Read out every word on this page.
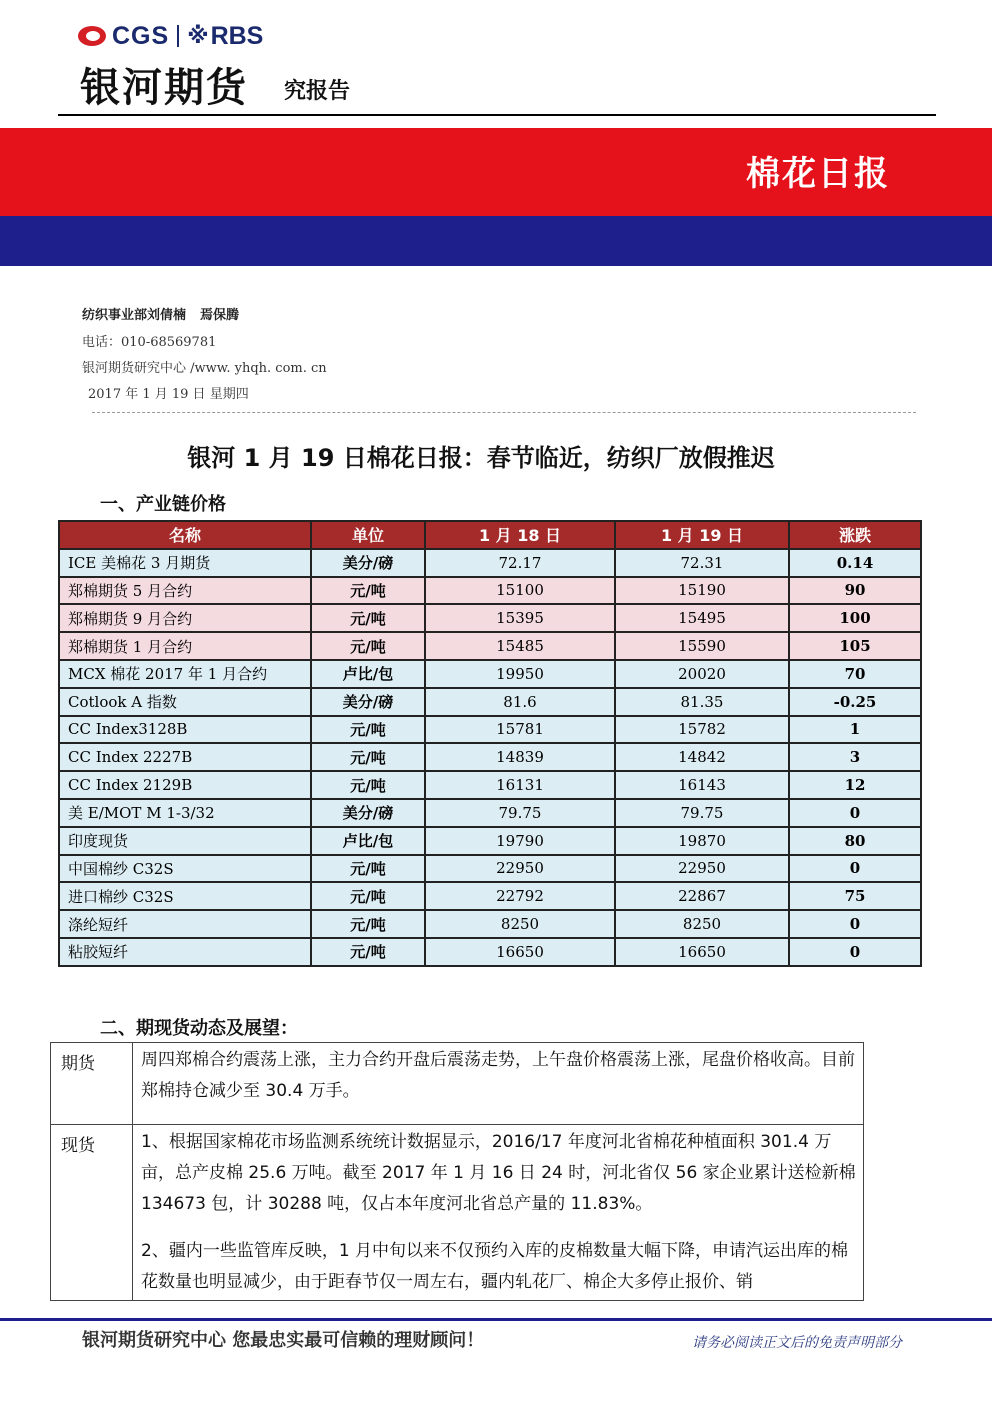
CGS ※ RBS
银河期货 究报告
棉花日报
纺织事业部刘倩楠 焉保腾
电话：010-68569781
银河期货研究中心 /www. yhqh. com. cn
2017 年 1 月 19 日 星期四
银河 1 月 19 日棉花日报：春节临近，纺织厂放假推迟
一、产业链价格
名称	单位	1 月 18 日	1 月 19 日	涨跌
ICE 美棉花 3 月期货	美分/磅	72.17	72.31	0.14
郑棉期货 5 月合约	元/吨	15100	15190	90
郑棉期货 9 月合约	元/吨	15395	15495	100
郑棉期货 1 月合约	元/吨	15485	15590	105
MCX 棉花 2017 年 1 月合约	卢比/包	19950	20020	70
Cotlook A 指数	美分/磅	81.6	81.35	-0.25
CC Index3128B	元/吨	15781	15782	1
CC Index 2227B	元/吨	14839	14842	3
CC Index 2129B	元/吨	16131	16143	12
美 E/MOT M 1-3/32	美分/磅	79.75	79.75	0
印度现货	卢比/包	19790	19870	80
中国棉纱 C32S	元/吨	22950	22950	0
进口棉纱 C32S	元/吨	22792	22867	75
涤纶短纤	元/吨	8250	8250	0
粘胶短纤	元/吨	16650	16650	0
二、期现货动态及展望：
期货	周四郑棉合约震荡上涨，主力合约开盘后震荡走势，上午盘价格震荡上涨，尾盘价格收高。目前郑棉持仓减少至 30.4 万手。
现货	1、根据国家棉花市场监测系统统计数据显示，2016/17 年度河北省棉花种植面积 301.4 万亩，总产皮棉 25.6 万吨。截至 2017 年 1 月 16 日 24 时，河北省仅 56 家企业累计送检新棉 134673 包，计 30288 吨，仅占本年度河北省总产量的 11.83%。

2、疆内一些监管库反映，1 月中旬以来不仅预约入库的皮棉数量大幅下降，申请汽运出库的棉花数量也明显减少，由于距春节仅一周左右，疆内轧花厂、棉企大多停止报价、销

银河期货研究中心 您最忠实最可信赖的理财顾问！	请务必阅读正文后的免责声明部分
